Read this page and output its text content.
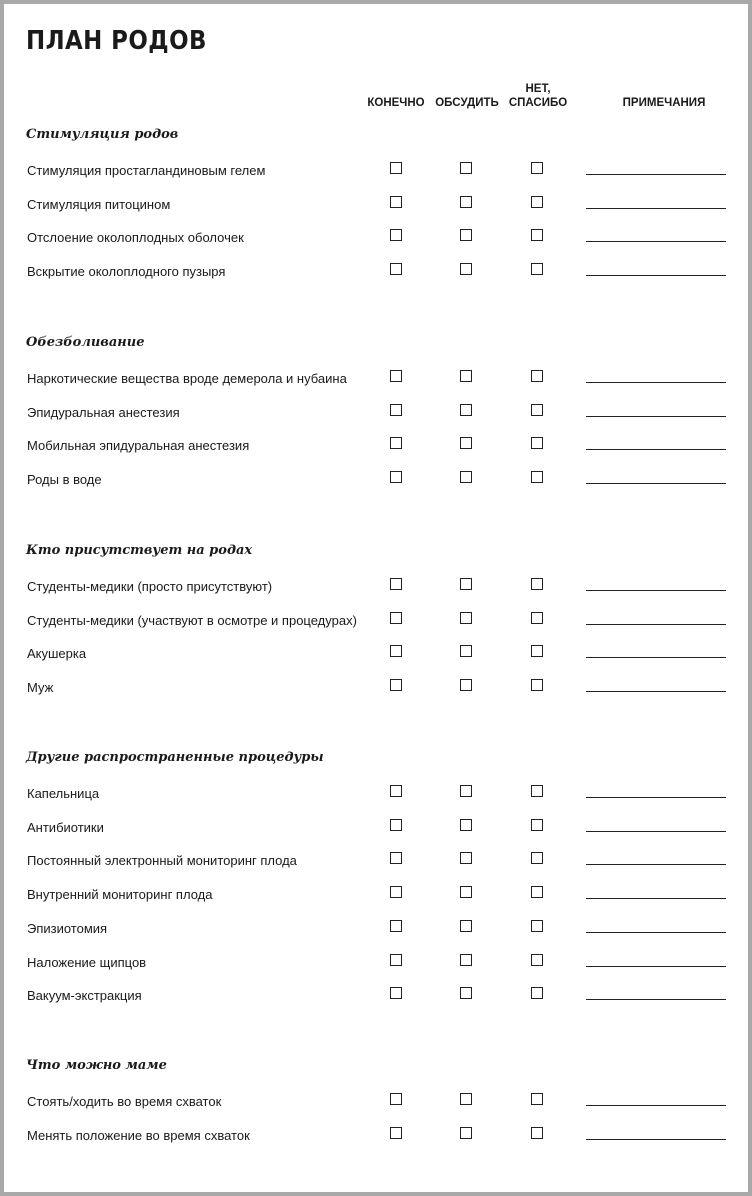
ПЛАН РОДОВ
КОНЕЧНО ОБСУДИТЬ
НЕТ,
СПАСИБО	ПРИМЕЧАНИЯ
Стимуляция родов
Стимуляция простагландиновым гелем
Стимуляция питоцином
Отслоение околоплодных оболочек
Вскрытие околоплодного пузыря
Обезболивание
Наркотические вещества вроде демерола и нубаина
Эпидуральная анестезия
Мобильная эпидуральная анестезия
Роды в воде
Кто присутствует на родах
Студенты-медики (просто присутствуют)
Студенты-медики (участвуют в осмотре и процедурах)
Акушерка
Муж
Другие распространенные процедуры
Капельница
Антибиотики
Постоянный электронный мониторинг плода
Внутренний мониторинг плода
Эпизиотомия
Наложение щипцов
Вакуум-экстракция
Что можно маме
Стоять/ходить во время схваток
Менять положение во время схваток
